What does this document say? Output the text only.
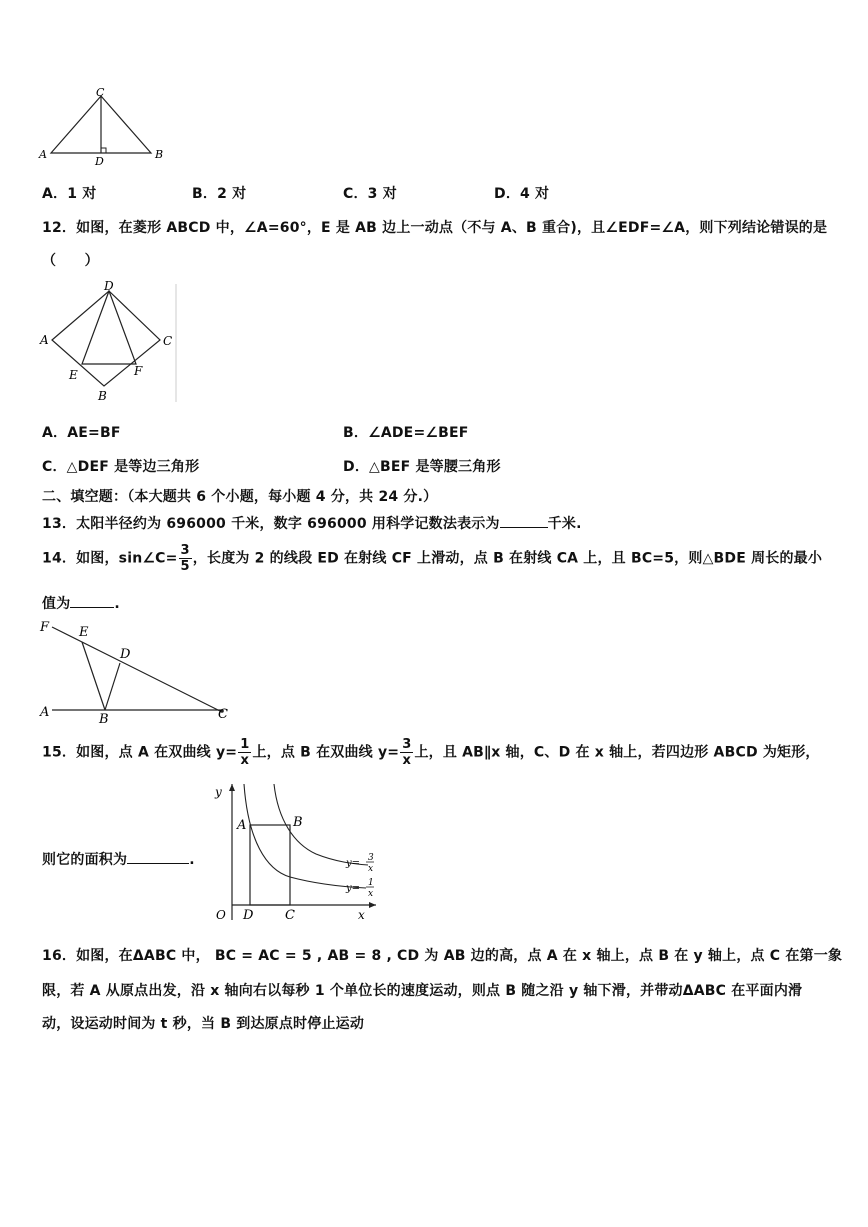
C
A	B
D
A．1 对	B．2 对	C．3 对	D．4 对
12．如图，在菱形 ABCD 中，∠A=60°，E 是 AB 边上一动点（不与 A、B 重合)，且∠EDF=∠A，则下列结论错误的是
（　　）
D
A	C
E	F
B
A．AE=BF	B．∠ADE=∠BEF
C．△DEF 是等边三角形	D．△BEF 是等腰三角形
二、填空题：（本大题共 6 个小题，每小题 4 分，共 24 分.）
13．太阳半径约为 696000 千米，数字 696000 用科学记数法表示为	千米.
14．如图，sin∠C= $\frac{3}{5}$ ，长度为 2 的线段 ED 在射线 CF 上滑动，点 B 在射线 CA 上，且 BC=5，则△BDE 周长的最小
值为	.
F E
D
A	B	C
15．如图，点 A 在双曲线 $y= \frac{1}{x}$ 上，点 B 在双曲线 $y= \frac{3}{x}$ 上，且 AB∥x 轴，C、D 在 x 轴上，若四边形 ABCD 为矩形，
则它的面积为	.
y
A	B
O D C	x
y= 3
x
y= 1
x
16．如图，在ΔABC 中， BC = AC = 5 , AB = 8 , CD 为 AB 边的高，点 A 在 x 轴上，点 B 在 y 轴上，点 C 在第一象
限，若 A 从原点出发，沿 x 轴向右以每秒 1 个单位长的速度运动，则点 B 随之沿 y 轴下滑，并带动ΔABC 在平面内滑
动，设运动时间为 t 秒，当 B 到达原点时停止运动
